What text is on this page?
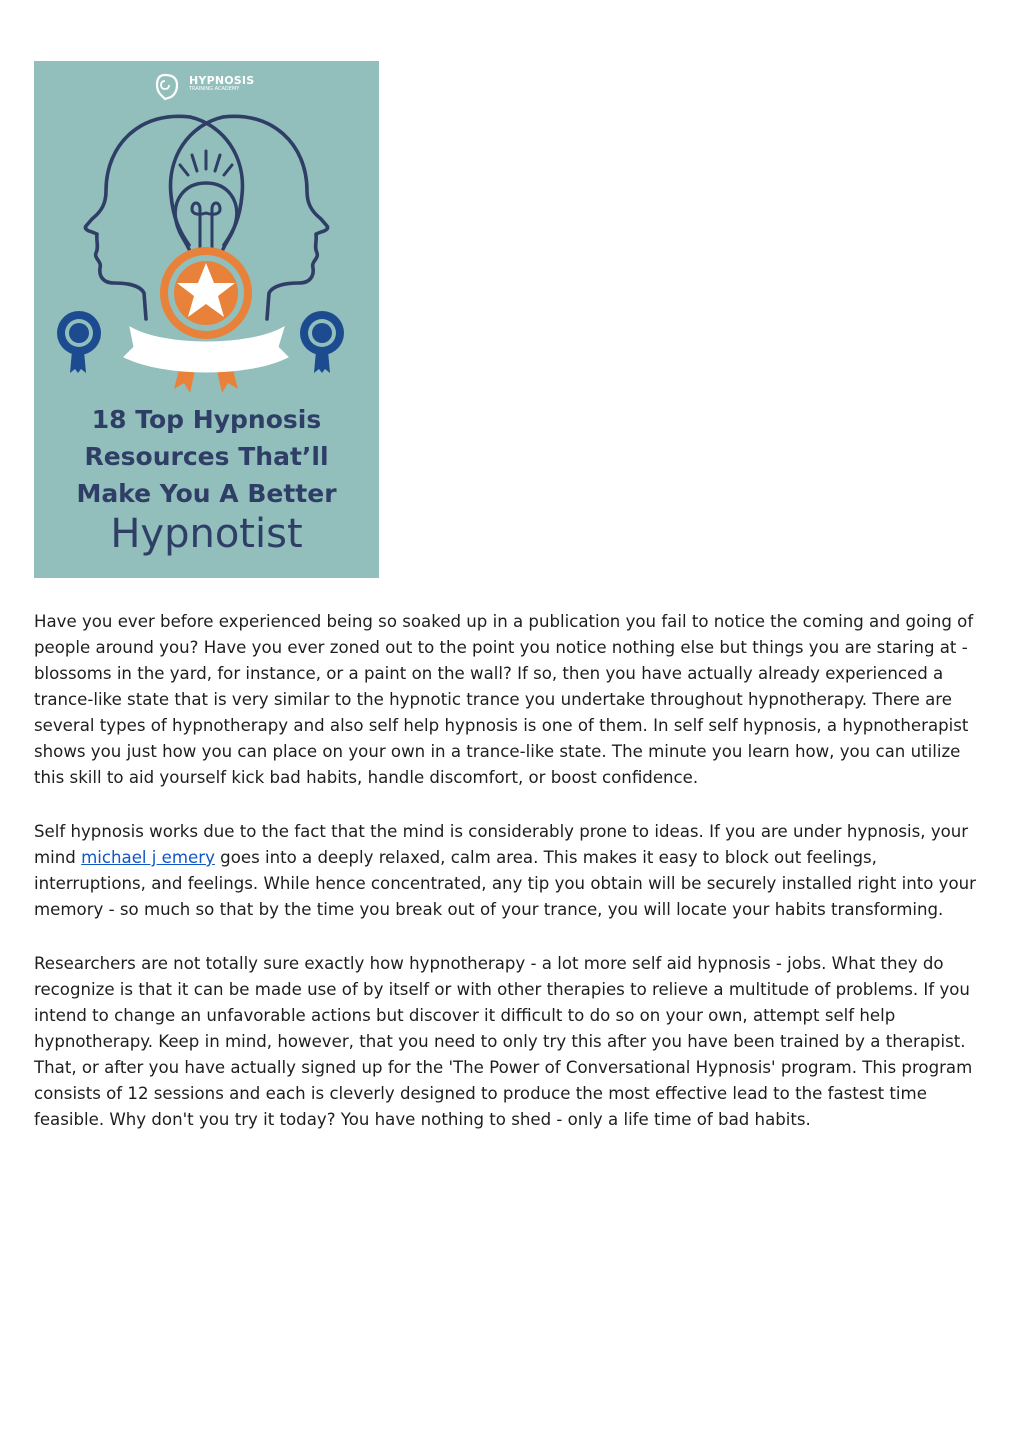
HYPNOSIS
TRAINING ACADEMY
18 Top Hypnosis
Resources That’ll
Make You A Better
Hypnotist

Have you ever before experienced being so soaked up in a publication you fail to notice the coming and going of people around you? Have you ever zoned out to the point you notice nothing else but things you are staring at - blossoms in the yard, for instance, or a paint on the wall? If so, then you have actually already experienced a trance-like state that is very similar to the hypnotic trance you undertake throughout hypnotherapy. There are several types of hypnotherapy and also self help hypnosis is one of them. In self self hypnosis, a hypnotherapist shows you just how you can place on your own in a trance-like state. The minute you learn how, you can utilize this skill to aid yourself kick bad habits, handle discomfort, or boost confidence.

Self hypnosis works due to the fact that the mind is considerably prone to ideas. If you are under hypnosis, your mind michael j emery goes into a deeply relaxed, calm area. This makes it easy to block out feelings, interruptions, and feelings. While hence concentrated, any tip you obtain will be securely installed right into your memory - so much so that by the time you break out of your trance, you will locate your habits transforming.

Researchers are not totally sure exactly how hypnotherapy - a lot more self aid hypnosis - jobs. What they do recognize is that it can be made use of by itself or with other therapies to relieve a multitude of problems. If you intend to change an unfavorable actions but discover it difficult to do so on your own, attempt self help hypnotherapy. Keep in mind, however, that you need to only try this after you have been trained by a therapist. That, or after you have actually signed up for the 'The Power of Conversational Hypnosis' program. This program consists of 12 sessions and each is cleverly designed to produce the most effective lead to the fastest time feasible. Why don't you try it today? You have nothing to shed - only a life time of bad habits.
